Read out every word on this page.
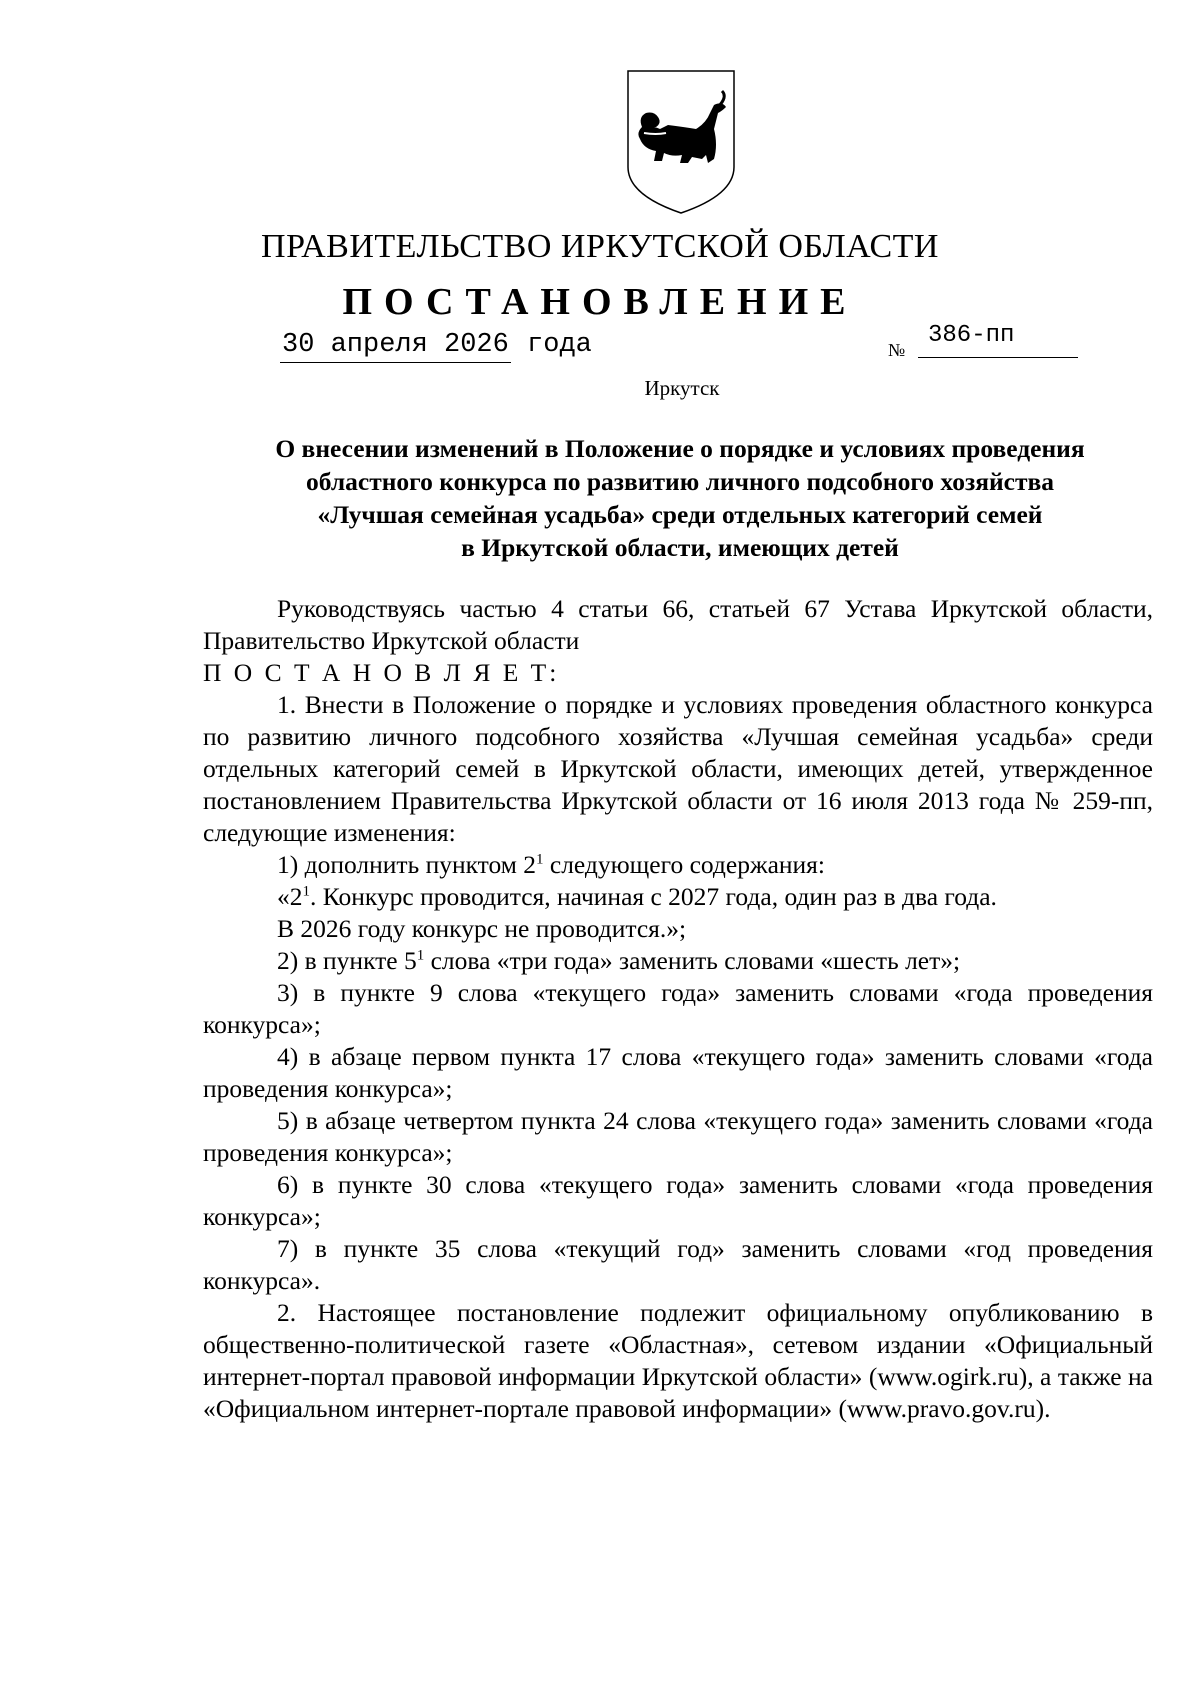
ПРАВИТЕЛЬСТВО ИРКУТСКОЙ ОБЛАСТИ
ПОСТАНОВЛЕНИЕ
30 апреля 2026 года	№
386-пп
Иркутск
О внесении изменений в Положение о порядке и условиях проведения
областного конкурса по развитию личного подсобного хозяйства
«Лучшая семейная усадьба» среди отдельных категорий семей
в Иркутской области, имеющих детей

Руководствуясь частью 4 статьи 66, статьей 67 Устава Иркутской области, Правительство Иркутской области

П О С Т А Н О В Л Я Е Т:

1. Внести в Положение о порядке и условиях проведения областного конкурса по развитию личного подсобного хозяйства «Лучшая семейная усадьба» среди отдельных категорий семей в Иркутской области, имеющих детей, утвержденное постановлением Правительства Иркутской области от 16 июля 2013 года № 259-пп, следующие изменения:

1) дополнить пунктом $2^1$ следующего содержания:

«$2^1$. Конкурс проводится, начиная с 2027 года, один раз в два года.

В 2026 году конкурс не проводится.»;

2) в пункте $5^1$ слова «три года» заменить словами «шесть лет»;

3) в пункте 9 слова «текущего года» заменить словами «года проведения конкурса»;

4) в абзаце первом пункта 17 слова «текущего года» заменить словами «года проведения конкурса»;

5) в абзаце четвертом пункта 24 слова «текущего года» заменить словами «года проведения конкурса»;

6) в пункте 30 слова «текущего года» заменить словами «года проведения конкурса»;

7) в пункте 35 слова «текущий год» заменить словами «год проведения конкурса».

2. Настоящее постановление подлежит официальному опубликованию в общественно-политической газете «Областная», сетевом издании «Официальный интернет-портал правовой информации Иркутской области» (www.ogirk.ru), а также на «Официальном интернет-портале правовой информации» (www.pravo.gov.ru).
